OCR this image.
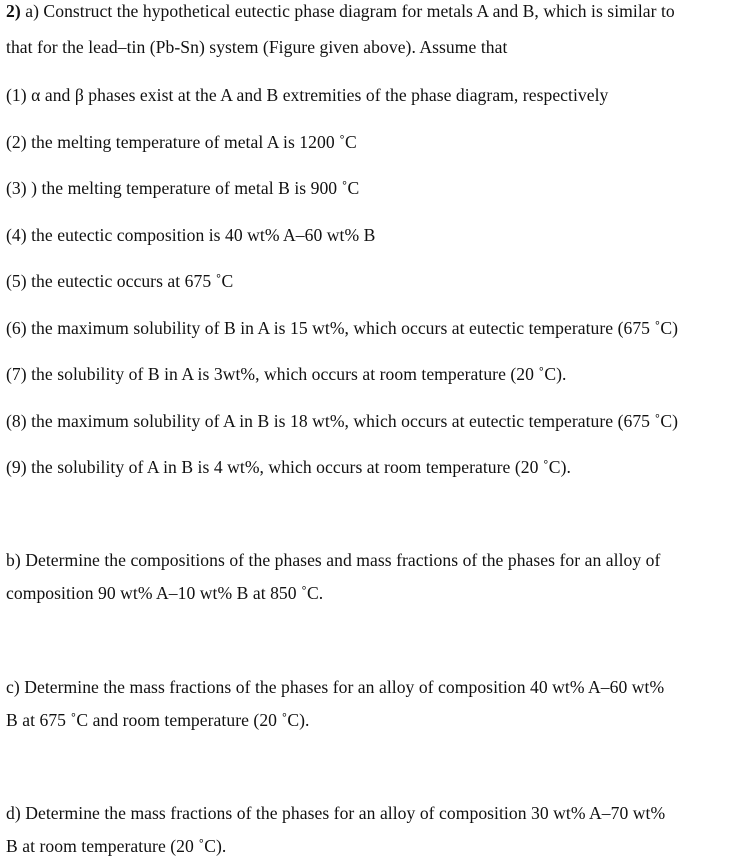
2) a) Construct the hypothetical eutectic phase diagram for metals A and B, which is similar to
that for the lead–tin (Pb-Sn) system (Figure given above). Assume that
(1) α and β phases exist at the A and B extremities of the phase diagram, respectively
(2) the melting temperature of metal A is 1200 ˚C
(3) ) the melting temperature of metal B is 900 ˚C
(4) the eutectic composition is 40 wt% A–60 wt% B
(5) the eutectic occurs at 675 ˚C
(6) the maximum solubility of B in A is 15 wt%, which occurs at eutectic temperature (675 ˚C)
(7) the solubility of B in A is 3wt%, which occurs at room temperature (20 ˚C).
(8) the maximum solubility of A in B is 18 wt%, which occurs at eutectic temperature (675 ˚C)
(9) the solubility of A in B is 4 wt%, which occurs at room temperature (20 ˚C).
b) Determine the compositions of the phases and mass fractions of the phases for an alloy of
composition 90 wt% A–10 wt% B at 850 ˚C.
c) Determine the mass fractions of the phases for an alloy of composition 40 wt% A–60 wt%
B at 675 ˚C and room temperature (20 ˚C).
d) Determine the mass fractions of the phases for an alloy of composition 30 wt% A–70 wt%
B at room temperature (20 ˚C).
